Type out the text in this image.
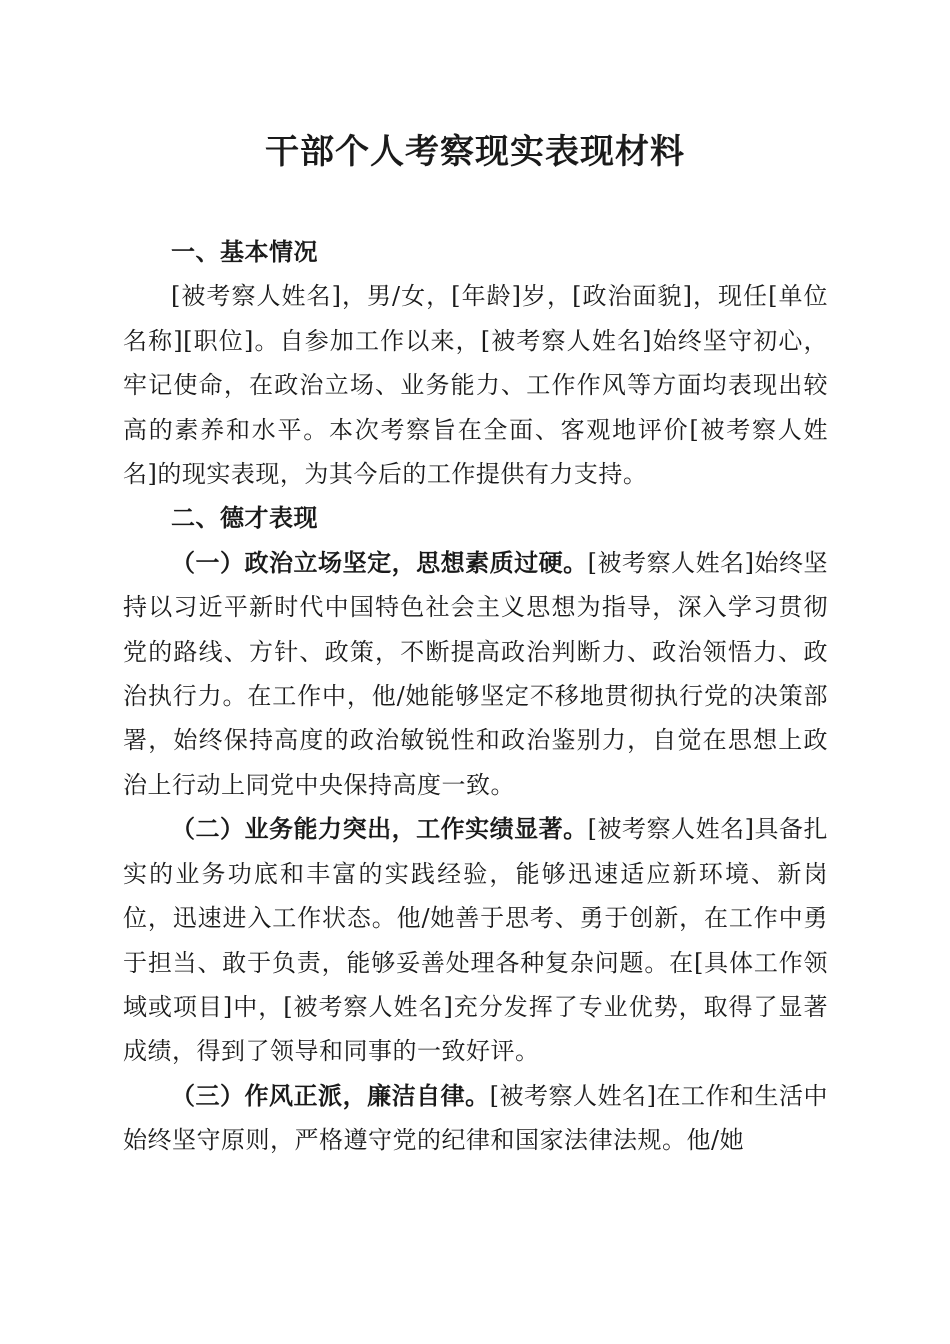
干部个人考察现实表现材料

一、基本情况

[被考察人姓名]，男/女，[年龄]岁，[政治面貌]，现任[单位名称][职位]。自参加工作以来，[被考察人姓名]始终坚守初心，牢记使命，在政治立场、业务能力、工作作风等方面均表现出较高的素养和水平。本次考察旨在全面、客观地评价[被考察人姓名]的现实表现，为其今后的工作提供有力支持。

二、德才表现

（一）政治立场坚定，思想素质过硬。[被考察人姓名]始终坚持以习近平新时代中国特色社会主义思想为指导，深入学习贯彻党的路线、方针、政策，不断提高政治判断力、政治领悟力、政治执行力。在工作中，他/她能够坚定不移地贯彻执行党的决策部署，始终保持高度的政治敏锐性和政治鉴别力，自觉在思想上政治上行动上同党中央保持高度一致。

（二）业务能力突出，工作实绩显著。[被考察人姓名]具备扎实的业务功底和丰富的实践经验，能够迅速适应新环境、新岗位，迅速进入工作状态。他/她善于思考、勇于创新，在工作中勇于担当、敢于负责，能够妥善处理各种复杂问题。在[具体工作领域或项目]中，[被考察人姓名]充分发挥了专业优势，取得了显著成绩，得到了领导和同事的一致好评。

（三）作风正派，廉洁自律。[被考察人姓名]在工作和生活中始终坚守原则，严格遵守党的纪律和国家法律法规。他/她
